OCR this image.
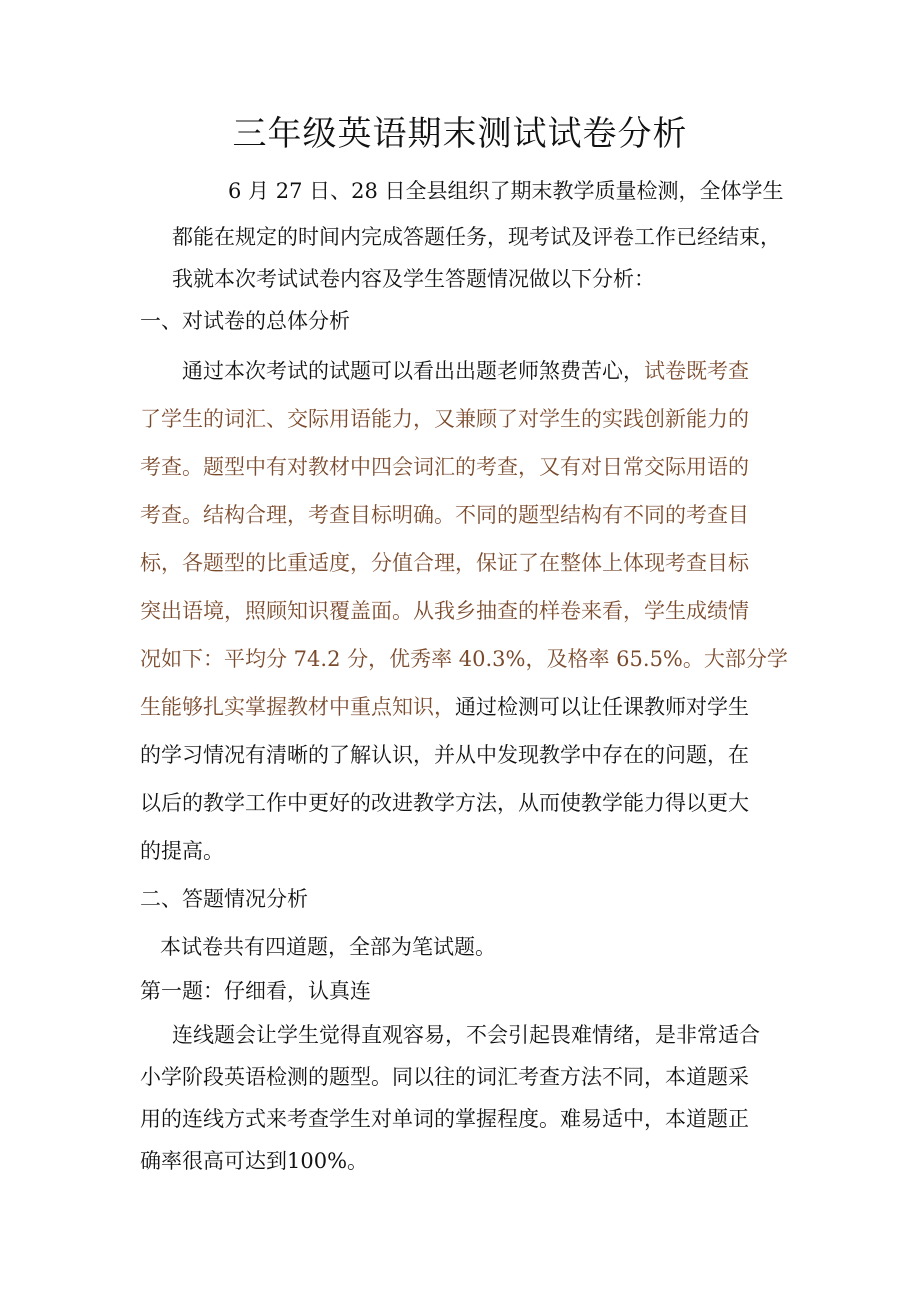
三年级英语期末测试试卷分析
6 月 27 日、28 日全县组织了期末教学质量检测，全体学生
都能在规定的时间内完成答题任务，现考试及评卷工作已经结束，
我就本次考试试卷内容及学生答题情况做以下分析：
一、对试卷的总体分析
通过本次考试的试题可以看出出题老师煞费苦心，试卷既考查
了学生的词汇、交际用语能力，又兼顾了对学生的实践创新能力的
考查。题型中有对教材中四会词汇的考查，又有对日常交际用语的
考查。结构合理，考查目标明确。不同的题型结构有不同的考查目
标，各题型的比重适度，分值合理，保证了在整体上体现考查目标
突出语境，照顾知识覆盖面。从我乡抽查的样卷来看，学生成绩情
况如下：平均分 74.2 分，优秀率 40.3%，及格率 65.5%。大部分学
生能够扎实掌握教材中重点知识，通过检测可以让任课教师对学生
的学习情况有清晰的了解认识，并从中发现教学中存在的问题，在
以后的教学工作中更好的改进教学方法，从而使教学能力得以更大
的提高。
二、答题情况分析
本试卷共有四道题，全部为笔试题。
第一题：仔细看，认真连
连线题会让学生觉得直观容易，不会引起畏难情绪，是非常适合
小学阶段英语检测的题型。同以往的词汇考查方法不同，本道题采
用的连线方式来考查学生对单词的掌握程度。难易适中，本道题正
确率很高可达到100%。
